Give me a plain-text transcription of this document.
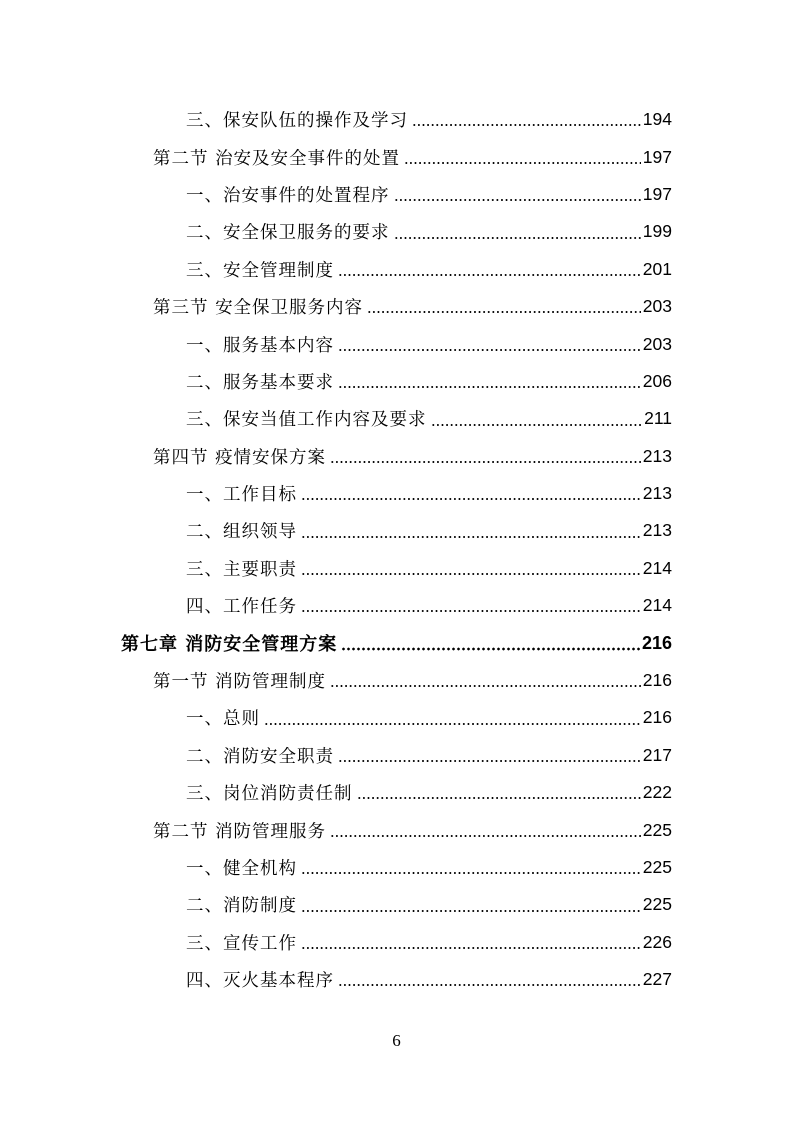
三、保安队伍的操作及学习	194
第二节 治安及安全事件的处置	197
一、治安事件的处置程序	197
二、安全保卫服务的要求	199
三、安全管理制度	201
第三节 安全保卫服务内容	203
一、服务基本内容	203
二、服务基本要求	206
三、保安当值工作内容及要求	211
第四节 疫情安保方案	213
一、工作目标	213
二、组织领导	213
三、主要职责	214
四、工作任务	214
第七章 消防安全管理方案	216
第一节 消防管理制度	216
一、总则	216
二、消防安全职责	217
三、岗位消防责任制	222
第二节 消防管理服务	225
一、健全机构	225
二、消防制度	225
三、宣传工作	226
四、灭火基本程序	227
6
